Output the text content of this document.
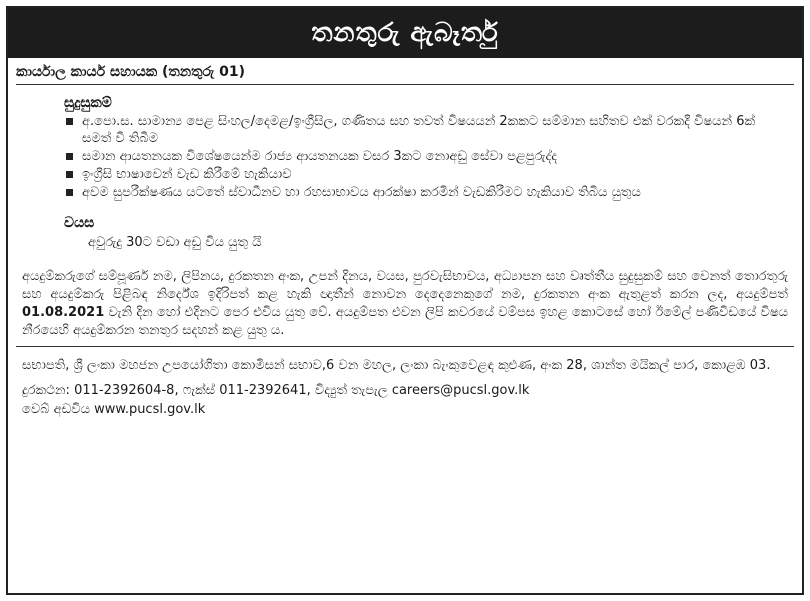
තනතුරු ඇබෑර්තු
කාර්යාල කාර්ය සහායක (තනතුරු 01)
සුදුසුකම්
අ.පො.ස. සාමාන්‍ය පෙළ සිංහල/දෙමළ/ඉංග්‍රීසිල, ගණිතය සහ තවත් විෂයයන් 2කකට සම්මාන සහිතව එක් වරකදී විෂයන් 6ක් සමත් වී තිබීම
සමාන ආයතනයක විශේෂයෙන්ම රාජ්‍ය ආයතනයක වසර 3කට නොඅඩු සේවා පළපුරුද්ද
ඉංග්‍රීසි භාෂාවෙන් වැඩ කිරීමේ හැකියාව
අවම සුපරීක්ෂණය යටතේ ස්වාධීනව හා රහසාභාවය ආරක්ෂා කරමින් වැඩකිරීමට හැකියාව තිබිය යුතුය
වයස
අවුරුදු 30ට වඩා අඩු විය යුතු යි
අයදුම්කරුගේ සම්පූර්ණ නම, ලිපිනය, දුරකතන අංක, උපන් දිනය, වයස, පුරවැසිභාවය, අධ්‍යාපන සහ වෘත්තීය සුදුසුකම් සහ වෙනත් තොරතුරු සහ අයදුම්කරු පිළිබඳ නිර්දේශ ඉදිරිපත් කළ හැකි ඥාතීන් නොවන දෙදෙනෙකුගේ නම, දුරකතන අංක ඇතුළත් කරන ලද, අයදුම්පත් 01.08.2021 වැනි දින හෝ එදිනට පෙර එවිය යුතු වේ. අයදුම්පත එවන ලිපි කවරයේ වම්පස ඉහළ කොටසේ හෝ ඊමේල් පණිවිඩයේ විෂය නීරයෙහි අයදුම්කරන තනතුර සදහන් කළ යුතු ය.
සභාපති, ශ්‍රී ලංකා මහජන උපයෝගිතා කොමිසන් සභාව,6 වන මහල, ලංකා බැංකුවෙළඳ කුළුණ, අංක 28, ශාන්ත මයිකල් පාර, කොළඹ 03.
දුරකථන: 011-2392604-8, ෆැක්ස් 011-2392641, විද්‍යුත් තැපැල careers@pucsl.gov.lk
වෙබ් අඩවිය www.pucsl.gov.lk
